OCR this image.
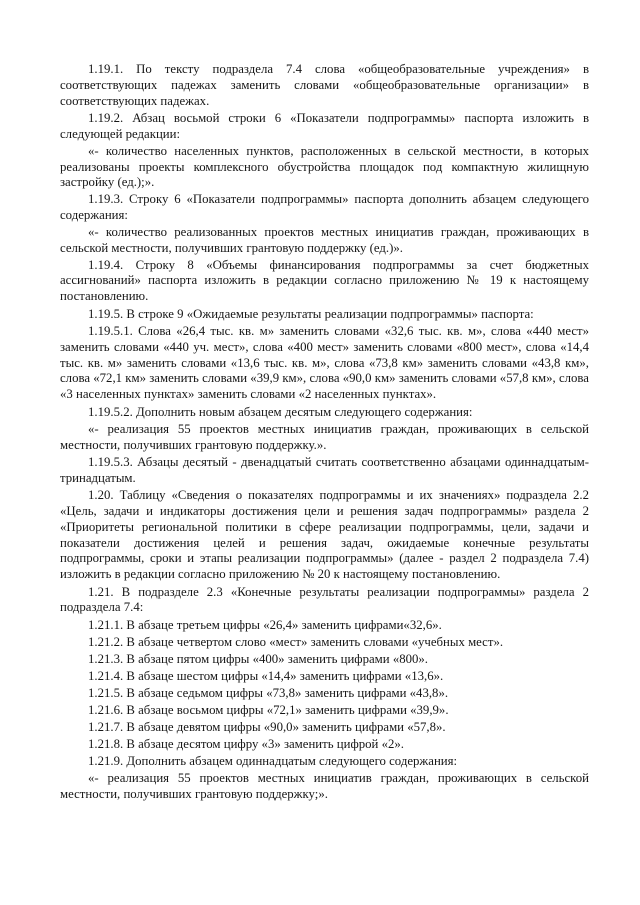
1.19.1. По тексту подраздела 7.4 слова «общеобразовательные учреждения» в соответствующих падежах заменить словами «общеобразовательные организации» в соответствующих падежах.

1.19.2. Абзац восьмой строки 6 «Показатели подпрограммы» паспорта изложить в следующей редакции:

«- количество населенных пунктов, расположенных в сельской местности, в которых реализованы проекты комплексного обустройства площадок под компактную жилищную застройку (ед.);».

1.19.3. Строку 6 «Показатели подпрограммы» паспорта дополнить абзацем следующего содержания:

«- количество реализованных проектов местных инициатив граждан, проживающих в сельской местности, получивших грантовую поддержку (ед.)».

1.19.4. Строку 8 «Объемы финансирования подпрограммы за счет бюджетных ассигнований» паспорта изложить в редакции согласно приложению № 19 к настоящему постановлению.

1.19.5. В строке 9 «Ожидаемые результаты реализации подпрограммы» паспорта:

1.19.5.1. Слова «26,4 тыс. кв. м» заменить словами «32,6 тыс. кв. м», слова «440 мест» заменить словами «440 уч. мест», слова «400 мест» заменить словами «800 мест», слова «14,4 тыс. кв. м» заменить словами «13,6 тыс. кв. м», слова «73,8 км» заменить словами «43,8 км», слова «72,1 км» заменить словами «39,9 км», слова «90,0 км» заменить словами «57,8 км», слова «3 населенных пунктах» заменить словами «2 населенных пунктах».

1.19.5.2. Дополнить новым абзацем десятым следующего содержания:

«- реализация 55 проектов местных инициатив граждан, проживающих в сельской местности, получивших грантовую поддержку.».

1.19.5.3. Абзацы десятый - двенадцатый считать соответственно абзацами одиннадцатым-тринадцатым.

1.20. Таблицу «Сведения о показателях подпрограммы и их значениях» подраздела 2.2 «Цель, задачи и индикаторы достижения цели и решения задач подпрограммы» раздела 2 «Приоритеты региональной политики в сфере реализации подпрограммы, цели, задачи и показатели достижения целей и решения задач, ожидаемые конечные результаты подпрограммы, сроки и этапы реализации подпрограммы» (далее - раздел 2 подраздела 7.4) изложить в редакции согласно приложению № 20 к настоящему постановлению.

1.21. В подразделе 2.3 «Конечные результаты реализации подпрограммы» раздела 2 подраздела 7.4:

1.21.1. В абзаце третьем цифры «26,4» заменить цифрами«32,6».

1.21.2. В абзаце четвертом слово «мест» заменить словами «учебных мест».

1.21.3. В абзаце пятом цифры «400» заменить цифрами «800».

1.21.4. В абзаце шестом цифры «14,4» заменить цифрами «13,6».

1.21.5. В абзаце седьмом цифры «73,8» заменить цифрами «43,8».

1.21.6. В абзаце восьмом цифры «72,1» заменить цифрами «39,9».

1.21.7. В абзаце девятом цифры «90,0» заменить цифрами «57,8».

1.21.8. В абзаце десятом цифру «3» заменить цифрой «2».

1.21.9. Дополнить абзацем одиннадцатым следующего содержания:

«- реализация 55 проектов местных инициатив граждан, проживающих в сельской местности, получивших грантовую поддержку;».
